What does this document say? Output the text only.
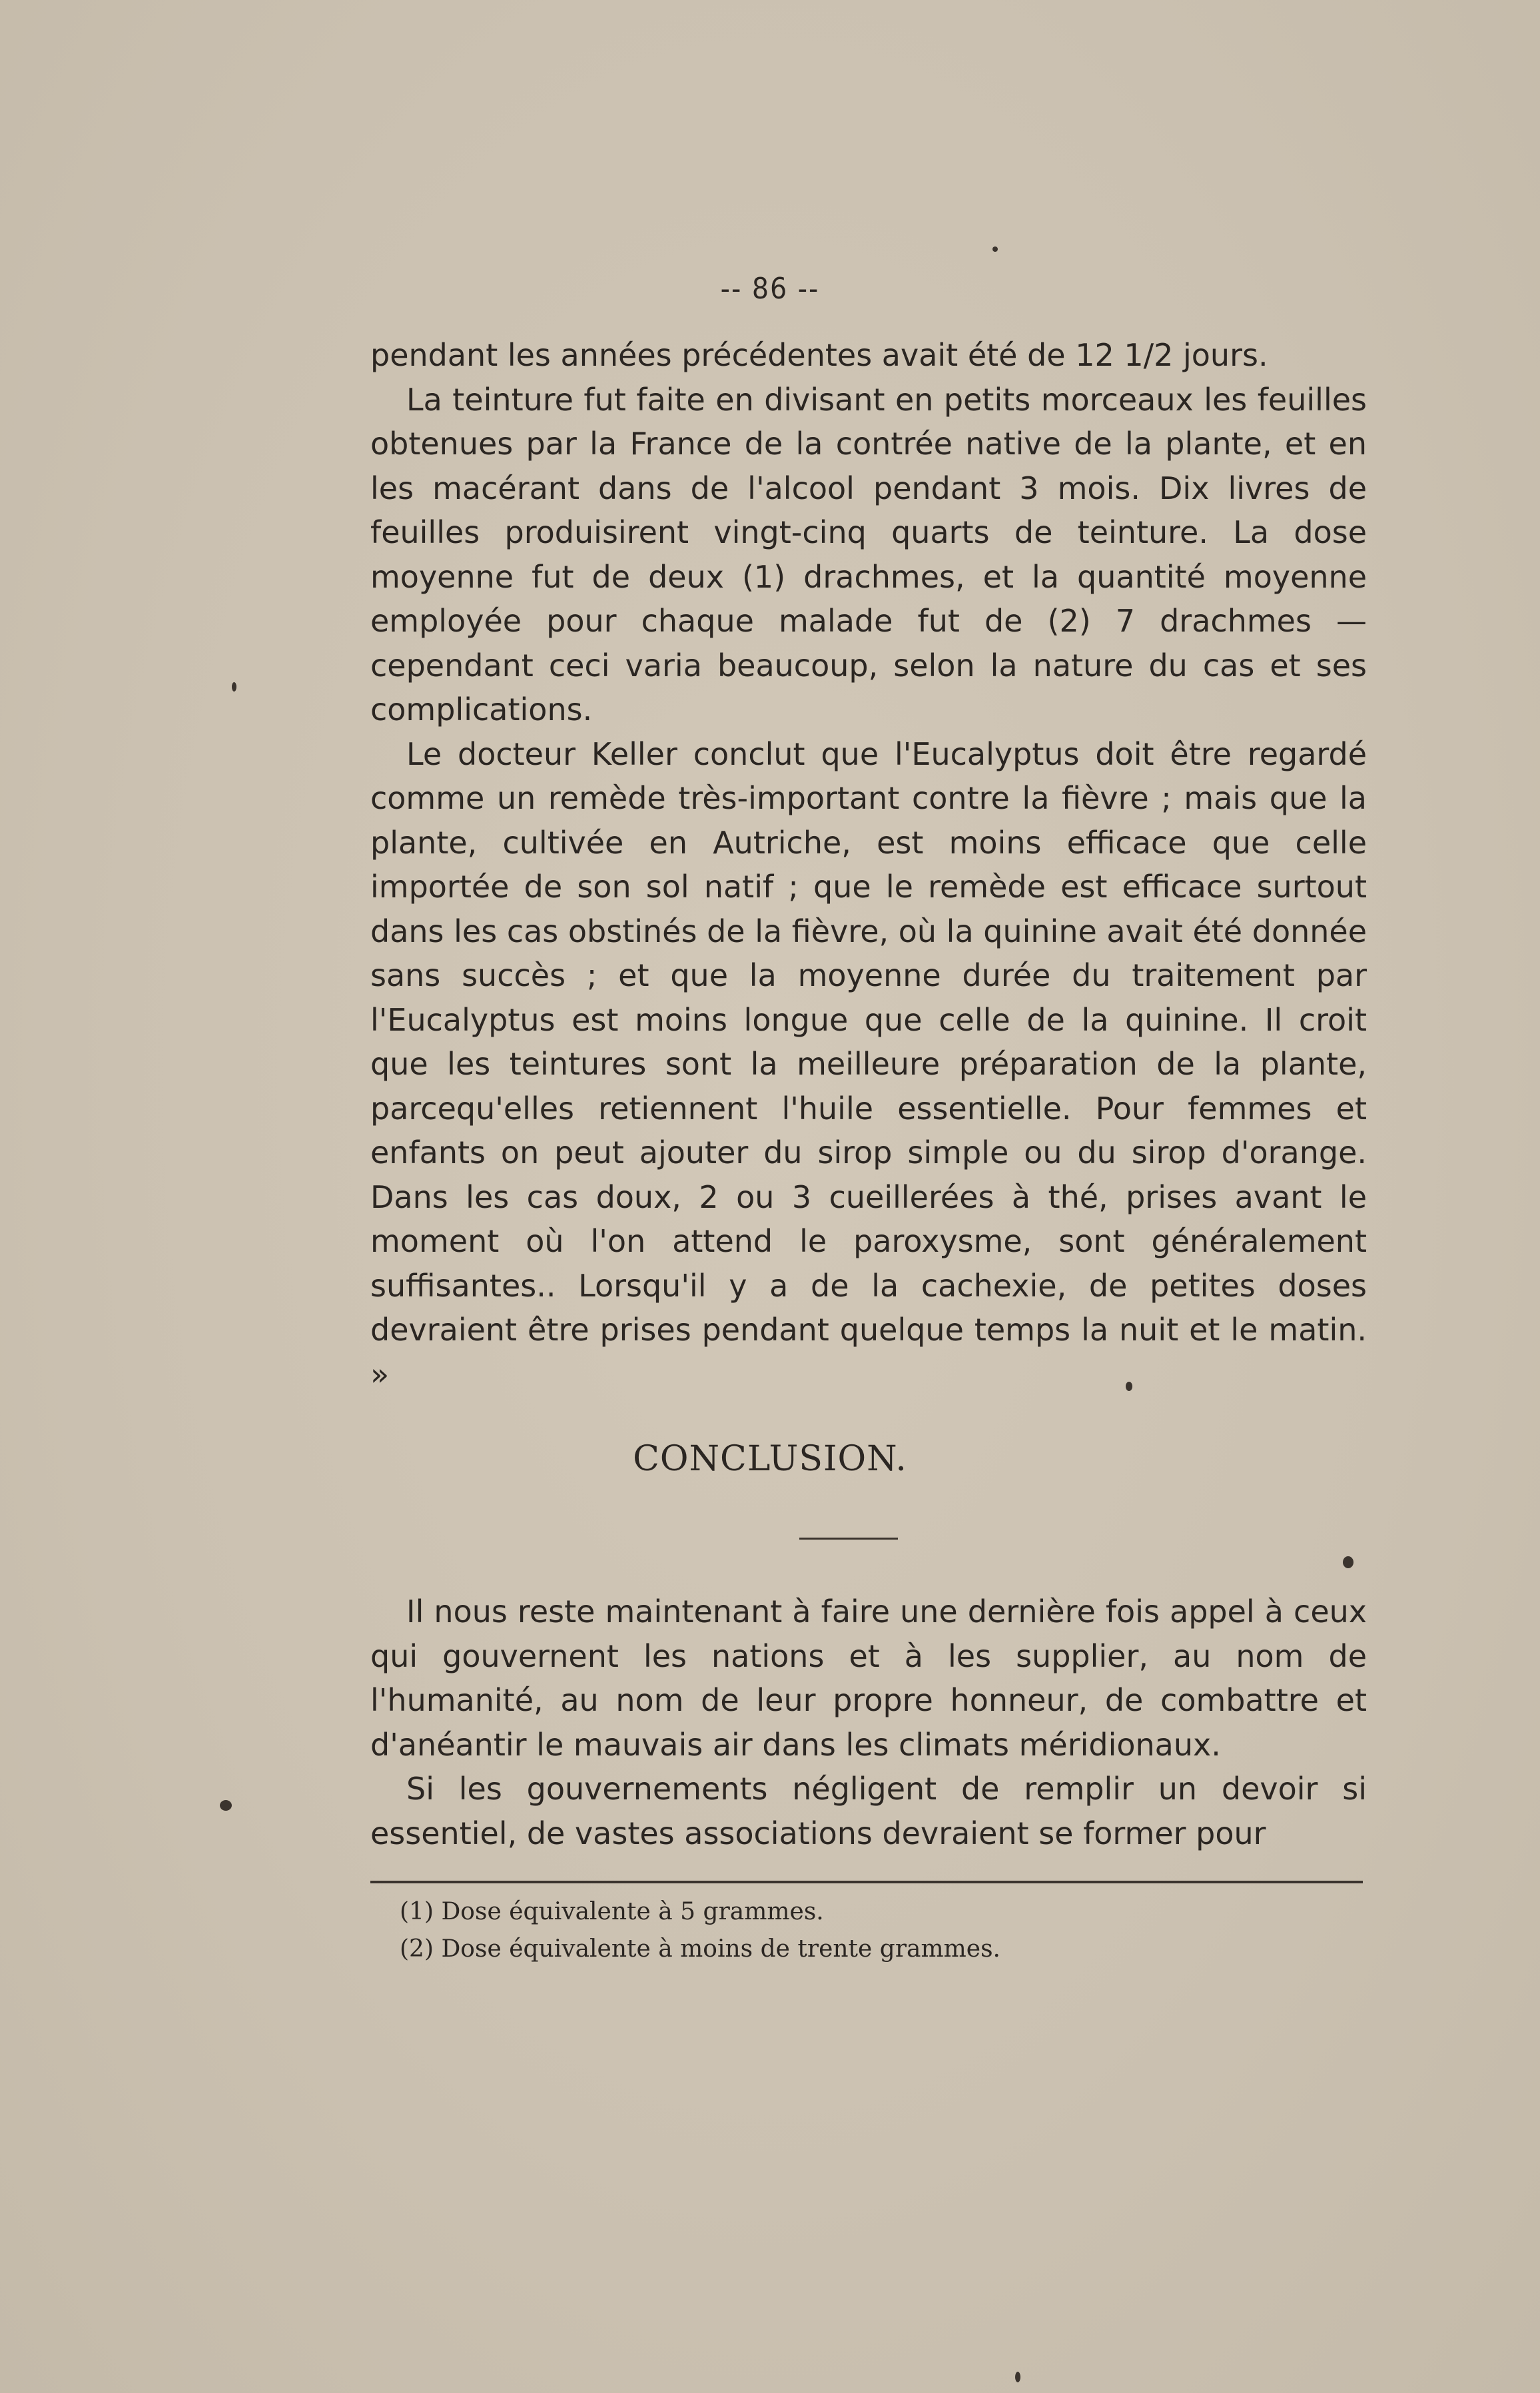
-- 86 --

pendant les années précédentes avait été de 12 1/2 jours.

La teinture fut faite en divisant en petits morceaux les feuilles obtenues par la France de la contrée native de la plante, et en les macérant dans de l'alcool pendant 3 mois. Dix livres de feuilles produisirent vingt-cinq quarts de teinture. La dose moyenne fut de deux (1) drachmes, et la quantité moyenne employée pour chaque malade fut de (2) 7 drachmes — cependant ceci varia beaucoup, selon la nature du cas et ses complications.

Le docteur Keller conclut que l'Eucalyptus doit être regardé comme un remède très-important contre la fièvre ; mais que la plante, cultivée en Autriche, est moins efficace que celle importée de son sol natif ; que le remède est efficace surtout dans les cas obstinés de la fièvre, où la quinine avait été donnée sans succès ; et que la moyenne durée du traitement par l'Eucalyptus est moins longue que celle de la quinine. Il croit que les teintures sont la meilleure préparation de la plante, parcequ'elles retiennent l'huile essentielle. Pour femmes et enfants on peut ajouter du sirop simple ou du sirop d'orange. Dans les cas doux, 2 ou 3 cueillerées à thé, prises avant le moment où l'on attend le paroxysme, sont généralement suffisantes.. Lorsqu'il y a de la cachexie, de petites doses devraient être prises pendant quelque temps la nuit et le matin. »

CONCLUSION.

Il nous reste maintenant à faire une dernière fois appel à ceux qui gouvernent les nations et à les supplier, au nom de l'humanité, au nom de leur propre honneur, de combattre et d'anéantir le mauvais air dans les climats méridionaux.

Si les gouvernements négligent de remplir un devoir si essentiel, de vastes associations devraient se former pour

(1) Dose équivalente à 5 grammes.
(2) Dose équivalente à moins de trente grammes.
